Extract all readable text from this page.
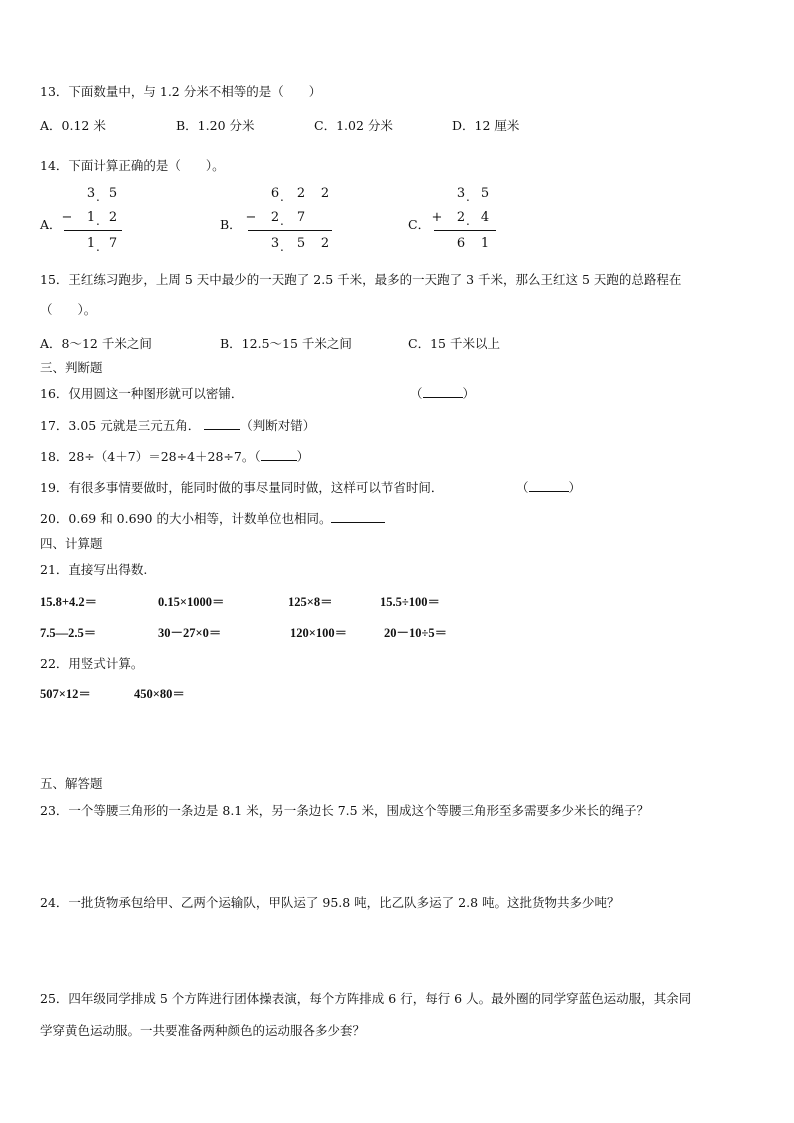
13．下面数量中，与 1.2 分米不相等的是（　　）
A．0.12 米	B．1.20 分米	C．1.02 分米	D．12 厘米
14．下面计算正确的是（　　）。
A．
3 . 5
− 1 . 2
1 . 7
B．
6 . 2 2
− 2 . 7
3 . 5 2
C．
3 . 5
+ 2 . 4
6 1
15．王红练习跑步，上周 5 天中最少的一天跑了 2.5 千米，最多的一天跑了 3 千米，那么王红这 5 天跑的总路程在
（　　）。
A．8～12 千米之间	B．12.5～15 千米之间	C．15 千米以上
三、判断题
16．仅用圆这一种图形就可以密铺．	（	）
17．3.05 元就是三元五角．	（判断对错）
18．28÷（4＋7）＝28÷4＋28÷7。（	）
19．有很多事情要做时，能同时做的事尽量同时做，这样可以节省时间．	（	）
20．0.69 和 0.690 的大小相等，计数单位也相同。
四、计算题
21．直接写出得数.
15.8+4.2＝	0.15×1000＝	125×8＝	15.5÷100＝
7.5—2.5＝	30－27×0＝	120×100＝	20－10÷5＝
22．用竖式计算。
507×12＝	450×80＝
五、解答题
23．一个等腰三角形的一条边是 8.1 米，另一条边长 7.5 米，围成这个等腰三角形至多需要多少米长的绳子？
24．一批货物承包给甲、乙两个运输队，甲队运了 95.8 吨，比乙队多运了 2.8 吨。这批货物共多少吨？
25．四年级同学排成 5 个方阵进行团体操表演，每个方阵排成 6 行，每行 6 人。最外圈的同学穿蓝色运动服，其余同
学穿黄色运动服。一共要准备两种颜色的运动服各多少套？
